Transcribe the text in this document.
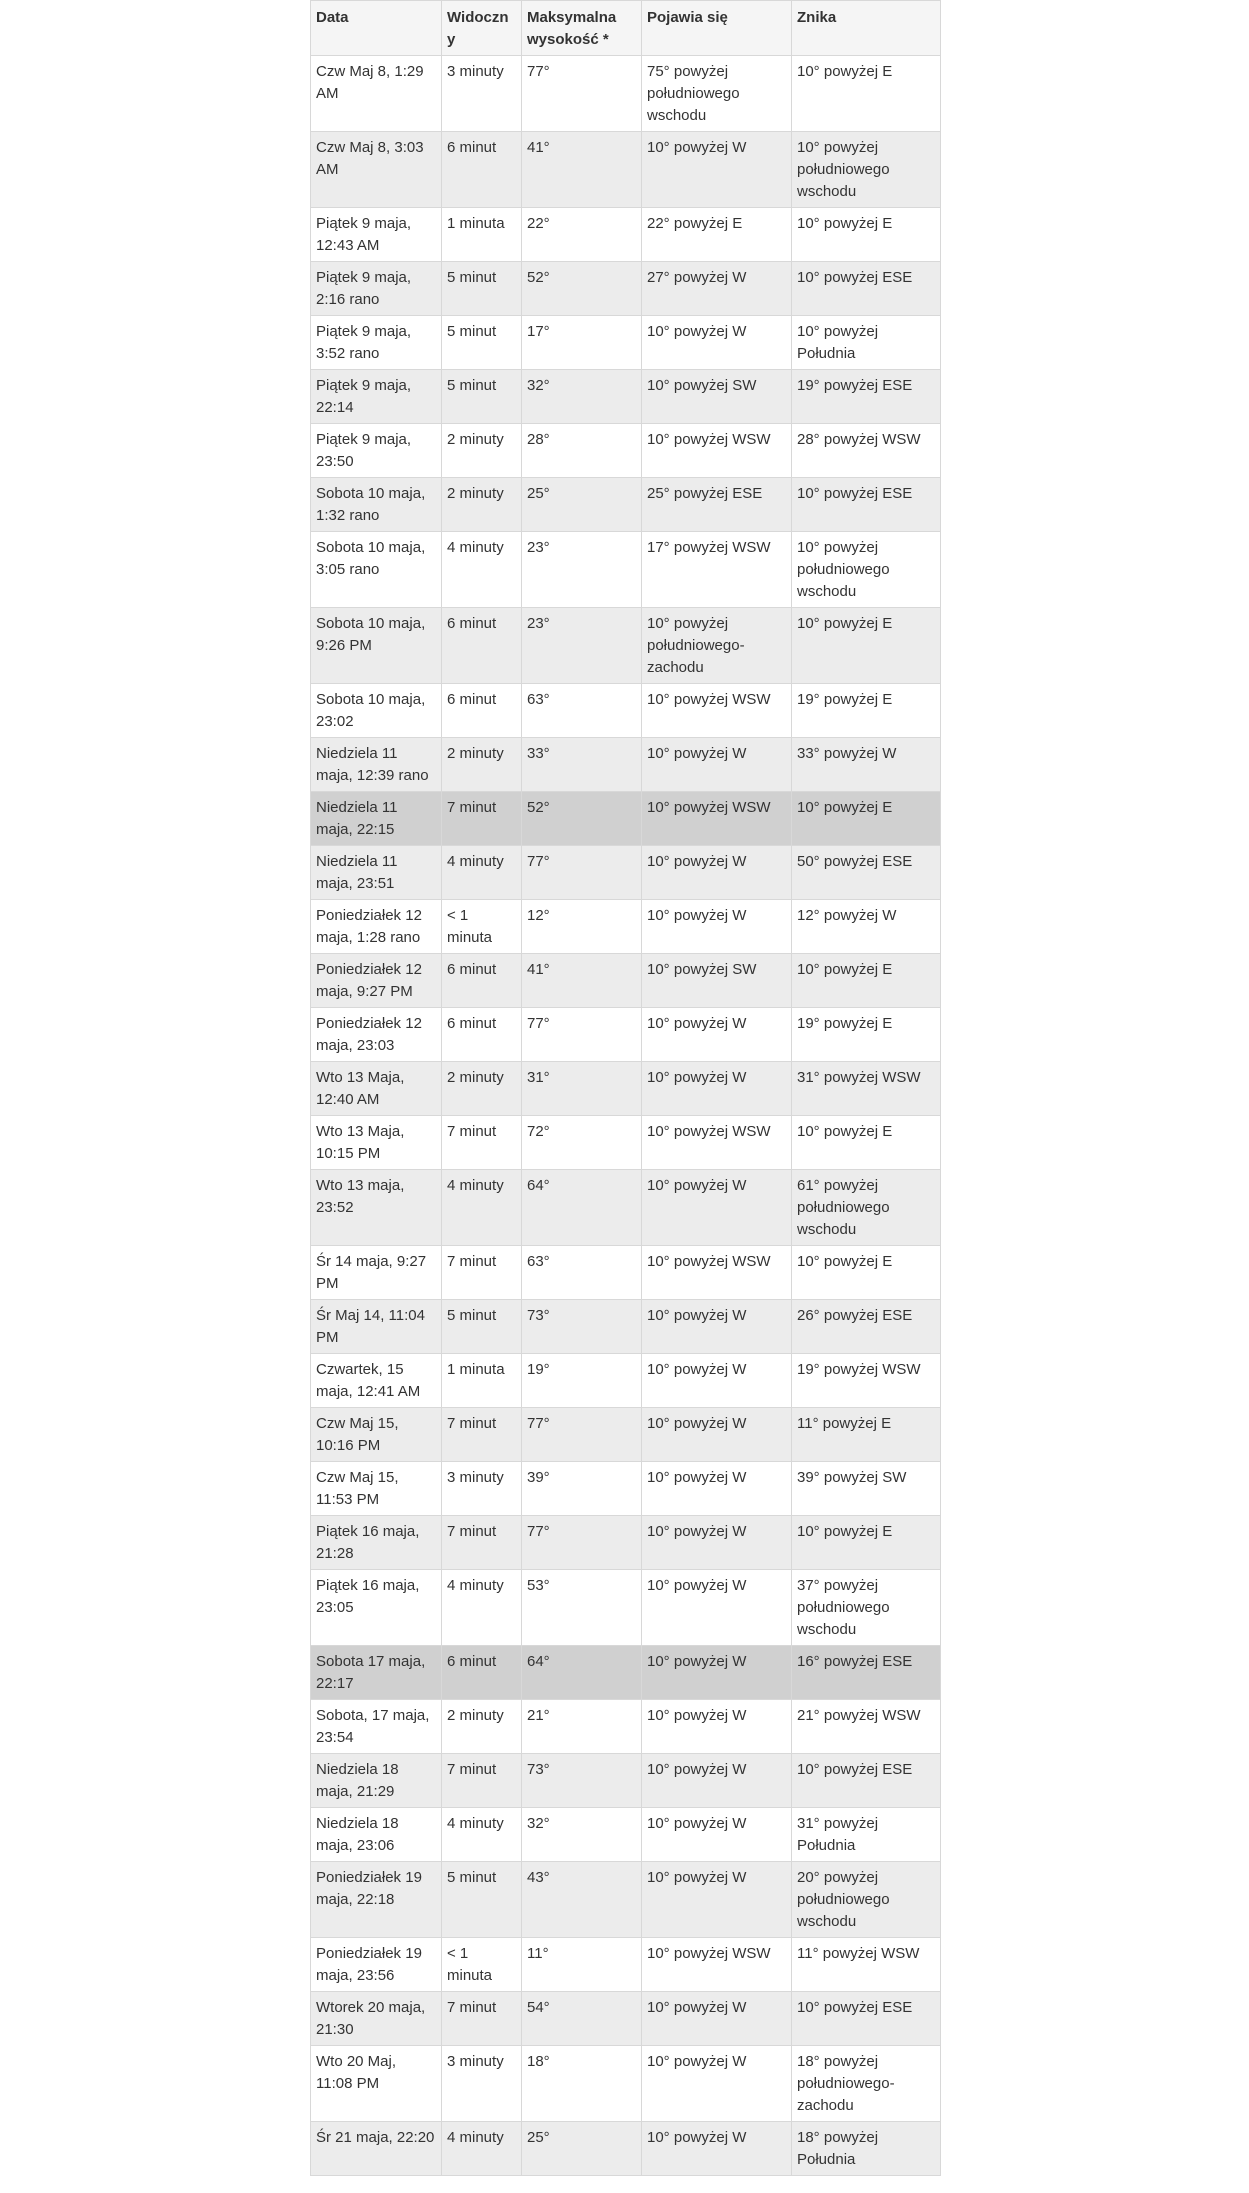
Data	Widoczny	Maksymalna wysokość *	Pojawia się	Znika
Czw Maj 8, 1:29 AM	3 minuty	77°	75° powyżej południowego wschodu	10° powyżej E
Czw Maj 8, 3:03 AM	6 minut	41°	10° powyżej W	10° powyżej południowego wschodu
Piątek 9 maja, 12:43 AM	1 minuta	22°	22° powyżej E	10° powyżej E
Piątek 9 maja, 2:16 rano	5 minut	52°	27° powyżej W	10° powyżej ESE
Piątek 9 maja, 3:52 rano	5 minut	17°	10° powyżej W	10° powyżej Południa
Piątek 9 maja, 22:14	5 minut	32°	10° powyżej SW	19° powyżej ESE
Piątek 9 maja, 23:50	2 minuty	28°	10° powyżej WSW	28° powyżej WSW
Sobota 10 maja, 1:32 rano	2 minuty	25°	25° powyżej ESE	10° powyżej ESE
Sobota 10 maja, 3:05 rano	4 minuty	23°	17° powyżej WSW	10° powyżej południowego wschodu
Sobota 10 maja, 9:26 PM	6 minut	23°	10° powyżej południowego-zachodu	10° powyżej E
Sobota 10 maja, 23:02	6 minut	63°	10° powyżej WSW	19° powyżej E
Niedziela 11 maja, 12:39 rano	2 minuty	33°	10° powyżej W	33° powyżej W
Niedziela 11 maja, 22:15	7 minut	52°	10° powyżej WSW	10° powyżej E
Niedziela 11 maja, 23:51	4 minuty	77°	10° powyżej W	50° powyżej ESE
Poniedziałek 12 maja, 1:28 rano	< 1 minuta	12°	10° powyżej W	12° powyżej W
Poniedziałek 12 maja, 9:27 PM	6 minut	41°	10° powyżej SW	10° powyżej E
Poniedziałek 12 maja, 23:03	6 minut	77°	10° powyżej W	19° powyżej E
Wto 13 Maja, 12:40 AM	2 minuty	31°	10° powyżej W	31° powyżej WSW
Wto 13 Maja, 10:15 PM	7 minut	72°	10° powyżej WSW	10° powyżej E
Wto 13 maja, 23:52	4 minuty	64°	10° powyżej W	61° powyżej południowego wschodu
Śr 14 maja, 9:27 PM	7 minut	63°	10° powyżej WSW	10° powyżej E
Śr Maj 14, 11:04 PM	5 minut	73°	10° powyżej W	26° powyżej ESE
Czwartek, 15 maja, 12:41 AM	1 minuta	19°	10° powyżej W	19° powyżej WSW
Czw Maj 15, 10:16 PM	7 minut	77°	10° powyżej W	11° powyżej E
Czw Maj 15, 11:53 PM	3 minuty	39°	10° powyżej W	39° powyżej SW
Piątek 16 maja, 21:28	7 minut	77°	10° powyżej W	10° powyżej E
Piątek 16 maja, 23:05	4 minuty	53°	10° powyżej W	37° powyżej południowego wschodu
Sobota 17 maja, 22:17	6 minut	64°	10° powyżej W	16° powyżej ESE
Sobota, 17 maja, 23:54	2 minuty	21°	10° powyżej W	21° powyżej WSW
Niedziela 18 maja, 21:29	7 minut	73°	10° powyżej W	10° powyżej ESE
Niedziela 18 maja, 23:06	4 minuty	32°	10° powyżej W	31° powyżej Południa
Poniedziałek 19 maja, 22:18	5 minut	43°	10° powyżej W	20° powyżej południowego wschodu
Poniedziałek 19 maja, 23:56	< 1 minuta	11°	10° powyżej WSW	11° powyżej WSW
Wtorek 20 maja, 21:30	7 minut	54°	10° powyżej W	10° powyżej ESE
Wto 20 Maj, 11:08 PM	3 minuty	18°	10° powyżej W	18° powyżej południowego-zachodu
Śr 21 maja, 22:20	4 minuty	25°	10° powyżej W	18° powyżej Południa
